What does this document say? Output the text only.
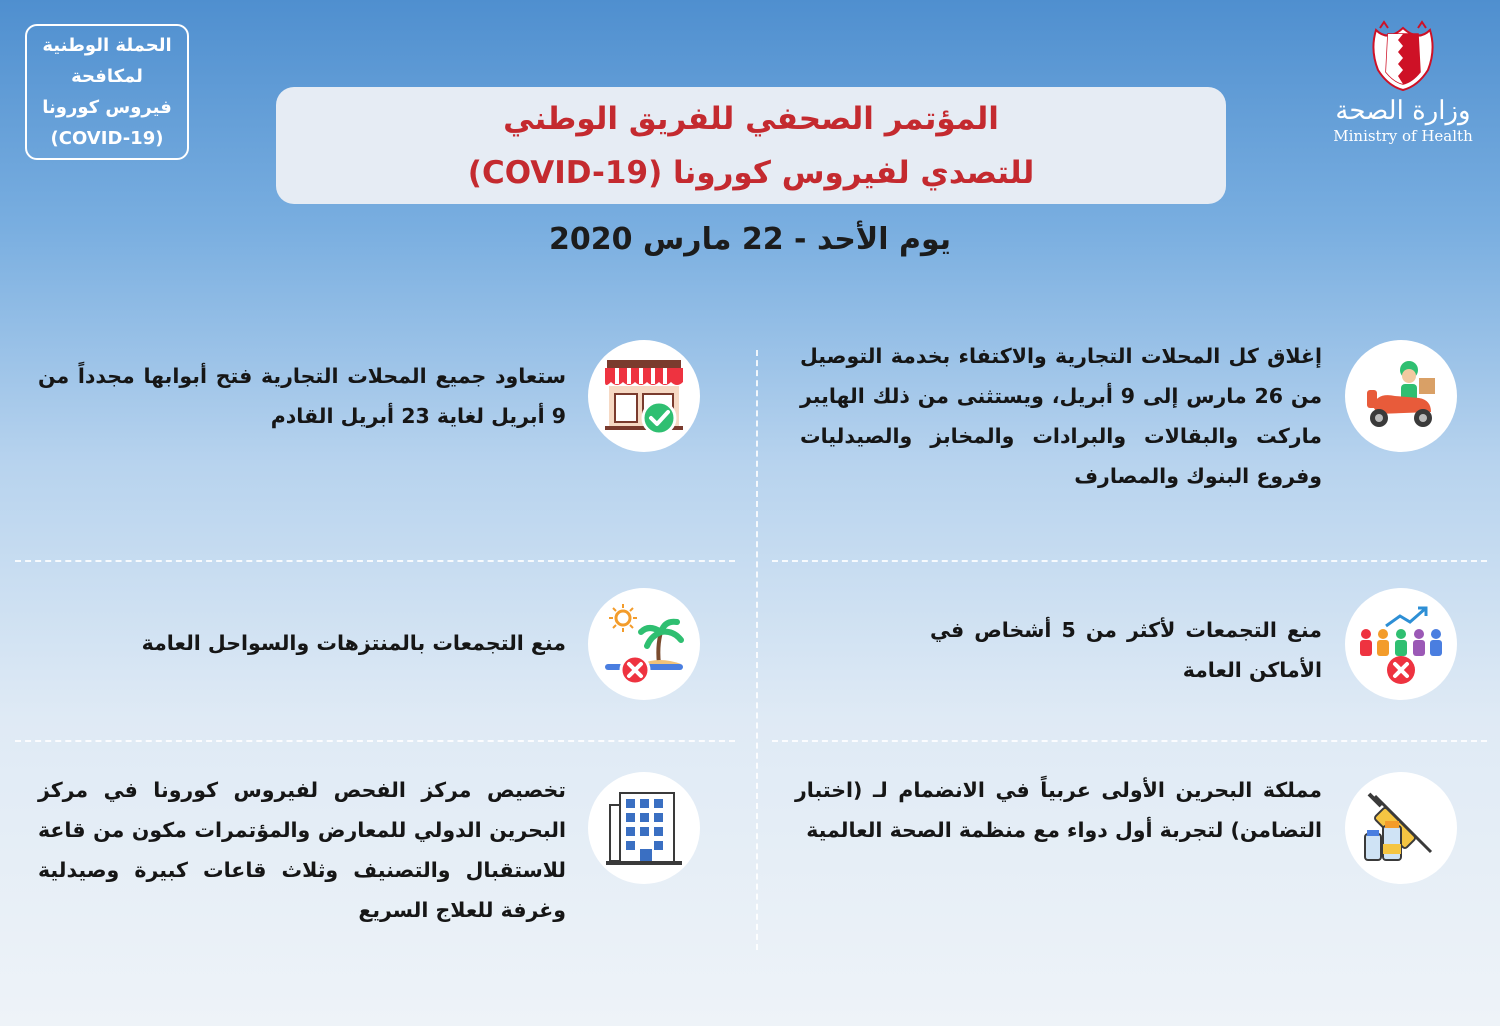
الحملة الوطنية
لمكافحة
فيروس كورونا
(COVID-19)
وزارة الصحة
Ministry of Health
المؤتمر الصحفي للفريق الوطني
للتصدي لفيروس كورونا (COVID-19)
يوم الأحد - 22 مارس 2020
إغلاق كل المحلات التجارية والاكتفاء بخدمة التوصيل من 26 مارس إلى 9 أبريل، ويستثنى من ذلك الهايبر ماركت والبقالات والبرادات والمخابز والصيدليات وفروع البنوك والمصارف
ستعاود جميع المحلات التجارية فتح أبوابها مجدداً من 9 أبريل لغاية 23 أبريل القادم
منع التجمعات لأكثر من 5 أشخاص في الأماكن العامة
منع التجمعات بالمنتزهات والسواحل العامة
مملكة البحرين الأولى عربياً في الانضمام لـ (اختبار التضامن) لتجربة أول دواء مع منظمة الصحة العالمية
تخصيص مركز الفحص لفيروس كورونا في مركز البحرين الدولي للمعارض والمؤتمرات مكون من قاعة للاستقبال والتصنيف وثلاث قاعات كبيرة وصيدلية وغرفة للعلاج السريع
